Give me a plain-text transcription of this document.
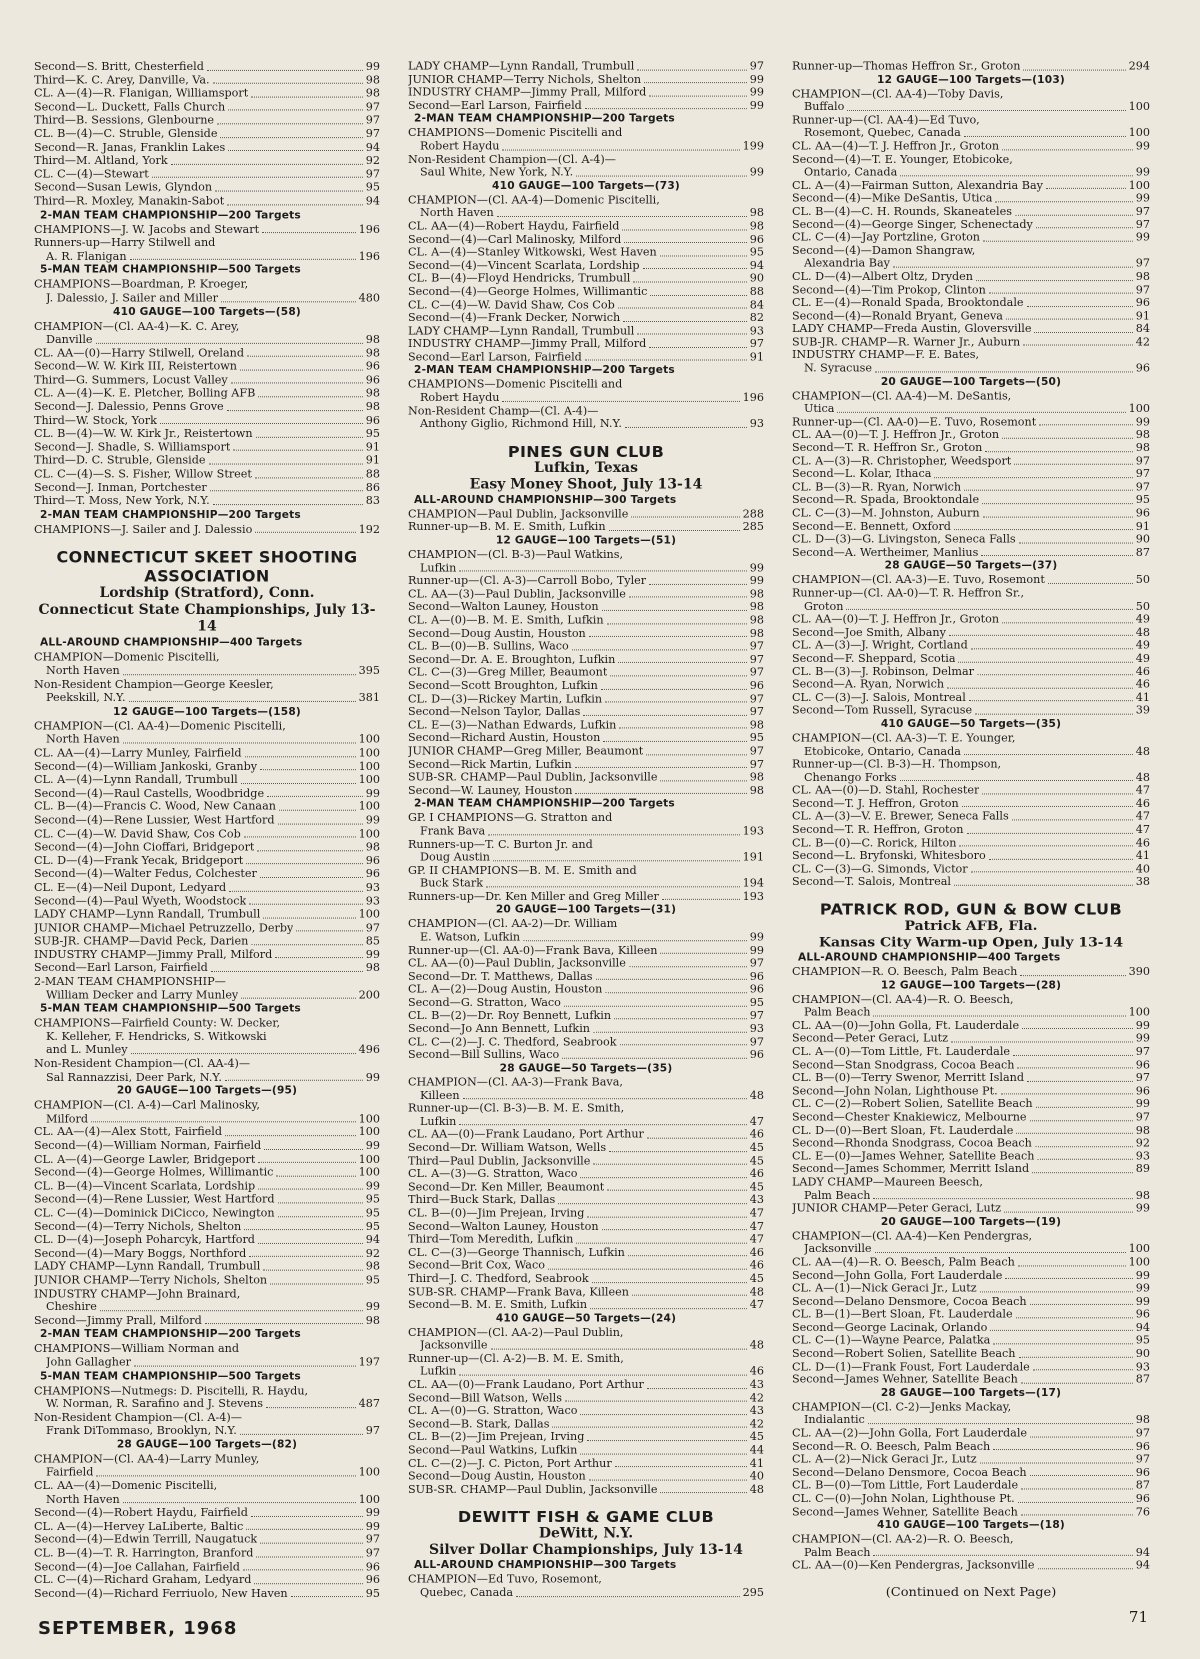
Second—S. Britt, Chesterfield	99
Third—K. C. Arey, Danville, Va.	98
CL. A—(4)—R. Flanigan, Williamsport	98
Second—L. Duckett, Falls Church	97
Third—B. Sessions, Glenbourne	97
CL. B—(4)—C. Struble, Glenside	97
Second—R. Janas, Franklin Lakes	94
Third—M. Altland, York	92
CL. C—(4)—Stewart	97
Second—Susan Lewis, Glyndon	95
Third—R. Moxley, Manakin-Sabot	94
2-MAN TEAM CHAMPIONSHIP—200 Targets
CHAMPIONS—J. W. Jacobs and Stewart	196
Runners-up—Harry Stilwell and
A. R. Flanigan	196
5-MAN TEAM CHAMPIONSHIP—500 Targets
CHAMPIONS—Boardman, P. Kroeger,
J. Dalessio, J. Sailer and Miller	480
410 GAUGE—100 Targets—(58)
CHAMPION—(Cl. AA-4)—K. C. Arey,
Danville	98
CL. AA—(0)—Harry Stilwell, Oreland	98
Second—W. W. Kirk III, Reistertown	96
Third—G. Summers, Locust Valley	96
CL. A—(4)—K. E. Pletcher, Bolling AFB	98
Second—J. Dalessio, Penns Grove	98
Third—W. Stock, York	96
CL. B—(4)—W. W. Kirk Jr., Reistertown	95
Second—J. Shadle, S. Williamsport	91
Third—D. C. Struble, Glenside	91
CL. C—(4)—S. S. Fisher, Willow Street	88
Second—J. Inman, Portchester	86
Third—T. Moss, New York, N.Y.	83
2-MAN TEAM CHAMPIONSHIP—200 Targets
CHAMPIONS—J. Sailer and J. Dalessio	192
CONNECTICUT SKEET SHOOTING ASSOCIATION
Lordship (Stratford), Conn.
Connecticut State Championships, July 13-14
ALL-AROUND CHAMPIONSHIP—400 Targets
CHAMPION—Domenic Piscitelli,
North Haven	395
Non-Resident Champion—George Keesler,
Peekskill, N.Y.	381
12 GAUGE—100 Targets—(158)
CHAMPION—(Cl. AA-4)—Domenic Piscitelli,
North Haven	100
CL. AA—(4)—Larry Munley, Fairfield	100
Second—(4)—William Jankoski, Granby	100
CL. A—(4)—Lynn Randall, Trumbull	100
Second—(4)—Raul Castells, Woodbridge	99
CL. B—(4)—Francis C. Wood, New Canaan	100
Second—(4)—Rene Lussier, West Hartford	99
CL. C—(4)—W. David Shaw, Cos Cob	100
Second—(4)—John Cioffari, Bridgeport	98
CL. D—(4)—Frank Yecak, Bridgeport	96
Second—(4)—Walter Fedus, Colchester	96
CL. E—(4)—Neil Dupont, Ledyard	93
Second—(4)—Paul Wyeth, Woodstock	93
LADY CHAMP—Lynn Randall, Trumbull	100
JUNIOR CHAMP—Michael Petruzzello, Derby	97
SUB-JR. CHAMP—David Peck, Darien	85
INDUSTRY CHAMP—Jimmy Prall, Milford	99
Second—Earl Larson, Fairfield	98
2-MAN TEAM CHAMPIONSHIP—
William Decker and Larry Munley	200
5-MAN TEAM CHAMPIONSHIP—500 Targets
CHAMPIONS—Fairfield County: W. Decker,
K. Kelleher, F. Hendricks, S. Witkowski
and L. Munley	496
Non-Resident Champion—(Cl. AA-4)—
Sal Rannazzisi, Deer Park, N.Y.	99
20 GAUGE—100 Targets—(95)
CHAMPION—(Cl. A-4)—Carl Malinosky,
Milford	100
CL. AA—(4)—Alex Stott, Fairfield	100
Second—(4)—William Norman, Fairfield	99
CL. A—(4)—George Lawler, Bridgeport	100
Second—(4)—George Holmes, Willimantic	100
CL. B—(4)—Vincent Scarlata, Lordship	99
Second—(4)—Rene Lussier, West Hartford	95
CL. C—(4)—Dominick DiCicco, Newington	95
Second—(4)—Terry Nichols, Shelton	95
CL. D—(4)—Joseph Poharcyk, Hartford	94
Second—(4)—Mary Boggs, Northford	92
LADY CHAMP—Lynn Randall, Trumbull	98
JUNIOR CHAMP—Terry Nichols, Shelton	95
INDUSTRY CHAMP—John Brainard,
Cheshire	99
Second—Jimmy Prall, Milford	98
2-MAN TEAM CHAMPIONSHIP—200 Targets
CHAMPIONS—William Norman and
John Gallagher	197
5-MAN TEAM CHAMPIONSHIP—500 Targets
CHAMPIONS—Nutmegs: D. Piscitelli, R. Haydu,
W. Norman, R. Sarafino and J. Stevens	487
Non-Resident Champion—(Cl. A-4)—
Frank DiTommaso, Brooklyn, N.Y.	97
28 GAUGE—100 Targets—(82)
CHAMPION—(Cl. AA-4)—Larry Munley,
Fairfield	100
CL. AA—(4)—Domenic Piscitelli,
North Haven	100
Second—(4)—Robert Haydu, Fairfield	99
CL. A—(4)—Hervey LaLiberte, Baltic	99
Second—(4)—Edwin Terrill, Naugatuck	97
CL. B—(4)—T. R. Harrington, Branford	97
Second—(4)—Joe Callahan, Fairfield	96
CL. C—(4)—Richard Graham, Ledyard	96
Second—(4)—Richard Ferriuolo, New Haven	95
LADY CHAMP—Lynn Randall, Trumbull	97
JUNIOR CHAMP—Terry Nichols, Shelton	99
INDUSTRY CHAMP—Jimmy Prall, Milford	99
Second—Earl Larson, Fairfield	99
2-MAN TEAM CHAMPIONSHIP—200 Targets
CHAMPIONS—Domenic Piscitelli and
Robert Haydu	199
Non-Resident Champion—(Cl. A-4)—
Saul White, New York, N.Y.	99
410 GAUGE—100 Targets—(73)
CHAMPION—(Cl. AA-4)—Domenic Piscitelli,
North Haven	98
CL. AA—(4)—Robert Haydu, Fairfield	98
Second—(4)—Carl Malinosky, Milford	96
CL. A—(4)—Stanley Witkowski, West Haven	95
Second—(4)—Vincent Scarlata, Lordship	94
CL. B—(4)—Floyd Hendricks, Trumbull	90
Second—(4)—George Holmes, Willimantic	88
CL. C—(4)—W. David Shaw, Cos Cob	84
Second—(4)—Frank Decker, Norwich	82
LADY CHAMP—Lynn Randall, Trumbull	93
INDUSTRY CHAMP—Jimmy Prall, Milford	97
Second—Earl Larson, Fairfield	91
2-MAN TEAM CHAMPIONSHIP—200 Targets
CHAMPIONS—Domenic Piscitelli and
Robert Haydu	196
Non-Resident Champ—(Cl. A-4)—
Anthony Giglio, Richmond Hill, N.Y.	93
PINES GUN CLUB
Lufkin, Texas
Easy Money Shoot, July 13-14
ALL-AROUND CHAMPIONSHIP—300 Targets
CHAMPION—Paul Dublin, Jacksonville	288
Runner-up—B. M. E. Smith, Lufkin	285
12 GAUGE—100 Targets—(51)
CHAMPION—(Cl. B-3)—Paul Watkins,
Lufkin	99
Runner-up—(Cl. A-3)—Carroll Bobo, Tyler	99
CL. AA—(3)—Paul Dublin, Jacksonville	98
Second—Walton Launey, Houston	98
CL. A—(0)—B. M. E. Smith, Lufkin	98
Second—Doug Austin, Houston	98
CL. B—(0)—B. Sullins, Waco	97
Second—Dr. A. E. Broughton, Lufkin	97
CL. C—(3)—Greg Miller, Beaumont	97
Second—Scott Broughton, Lufkin	96
CL. D—(3)—Rickey Martin, Lufkin	97
Second—Nelson Taylor, Dallas	97
CL. E—(3)—Nathan Edwards, Lufkin	98
Second—Richard Austin, Houston	95
JUNIOR CHAMP—Greg Miller, Beaumont	97
Second—Rick Martin, Lufkin	97
SUB-SR. CHAMP—Paul Dublin, Jacksonville	98
Second—W. Launey, Houston	98
2-MAN TEAM CHAMPIONSHIP—200 Targets
GP. I CHAMPIONS—G. Stratton and
Frank Bava	193
Runners-up—T. C. Burton Jr. and
Doug Austin	191
GP. II CHAMPIONS—B. M. E. Smith and
Buck Stark	194
Runners-up—Dr. Ken Miller and Greg Miller	193
20 GAUGE—100 Targets—(31)
CHAMPION—(Cl. AA-2)—Dr. William
E. Watson, Lufkin	99
Runner-up—(Cl. AA-0)—Frank Bava, Killeen	99
CL. AA—(0)—Paul Dublin, Jacksonville	97
Second—Dr. T. Matthews, Dallas	96
CL. A—(2)—Doug Austin, Houston	96
Second—G. Stratton, Waco	95
CL. B—(2)—Dr. Roy Bennett, Lufkin	97
Second—Jo Ann Bennett, Lufkin	93
CL. C—(2)—J. C. Thedford, Seabrook	97
Second—Bill Sullins, Waco	96
28 GAUGE—50 Targets—(35)
CHAMPION—(Cl. AA-3)—Frank Bava,
Killeen	48
Runner-up—(Cl. B-3)—B. M. E. Smith,
Lufkin	47
CL. AA—(0)—Frank Laudano, Port Arthur	46
Second—Dr. William Watson, Wells	45
Third—Paul Dublin, Jacksonville	45
CL. A—(3)—G. Stratton, Waco	46
Second—Dr. Ken Miller, Beaumont	45
Third—Buck Stark, Dallas	43
CL. B—(0)—Jim Prejean, Irving	47
Second—Walton Launey, Houston	47
Third—Tom Meredith, Lufkin	47
CL. C—(3)—George Thannisch, Lufkin	46
Second—Brit Cox, Waco	46
Third—J. C. Thedford, Seabrook	45
SUB-SR. CHAMP—Frank Bava, Killeen	48
Second—B. M. E. Smith, Lufkin	47
410 GAUGE—50 Targets—(24)
CHAMPION—(Cl. AA-2)—Paul Dublin,
Jacksonville	48
Runner-up—(Cl. A-2)—B. M. E. Smith,
Lufkin	46
CL. AA—(0)—Frank Laudano, Port Arthur	43
Second—Bill Watson, Wells	42
CL. A—(0)—G. Stratton, Waco	43
Second—B. Stark, Dallas	42
CL. B—(2)—Jim Prejean, Irving	45
Second—Paul Watkins, Lufkin	44
CL. C—(2)—J. C. Picton, Port Arthur	41
Second—Doug Austin, Houston	40
SUB-SR. CHAMP—Paul Dublin, Jacksonville	48
DEWITT FISH & GAME CLUB
DeWitt, N.Y.
Silver Dollar Championships, July 13-14
ALL-AROUND CHAMPIONSHIP—300 Targets
CHAMPION—Ed Tuvo, Rosemont,
Quebec, Canada	295
Runner-up—Thomas Heffron Sr., Groton	294
12 GAUGE—100 Targets—(103)
CHAMPION—(Cl. AA-4)—Toby Davis,
Buffalo	100
Runner-up—(Cl. AA-4)—Ed Tuvo,
Rosemont, Quebec, Canada	100
CL. AA—(4)—T. J. Heffron Jr., Groton	99
Second—(4)—T. E. Younger, Etobicoke,
Ontario, Canada	99
CL. A—(4)—Fairman Sutton, Alexandria Bay	100
Second—(4)—Mike DeSantis, Utica	99
CL. B—(4)—C. H. Rounds, Skaneateles	97
Second—(4)—George Singer, Schenectady	97
CL. C—(4)—Jay Portzline, Groton	99
Second—(4)—Damon Shangraw,
Alexandria Bay	97
CL. D—(4)—Albert Oltz, Dryden	98
Second—(4)—Tim Prokop, Clinton	97
CL. E—(4)—Ronald Spada, Brooktondale	96
Second—(4)—Ronald Bryant, Geneva	91
LADY CHAMP—Freda Austin, Gloversville	84
SUB-JR. CHAMP—R. Warner Jr., Auburn	42
INDUSTRY CHAMP—F. E. Bates,
N. Syracuse	96
20 GAUGE—100 Targets—(50)
CHAMPION—(Cl. AA-4)—M. DeSantis,
Utica	100
Runner-up—(Cl. AA-0)—E. Tuvo, Rosemont	99
CL. AA—(0)—T. J. Heffron Jr., Groton	98
Second—T. R. Heffron Sr., Groton	98
CL. A—(3)—R. Christopher, Weedsport	97
Second—L. Kolar, Ithaca	97
CL. B—(3)—R. Ryan, Norwich	97
Second—R. Spada, Brooktondale	95
CL. C—(3)—M. Johnston, Auburn	96
Second—E. Bennett, Oxford	91
CL. D—(3)—G. Livingston, Seneca Falls	90
Second—A. Wertheimer, Manlius	87
28 GAUGE—50 Targets—(37)
CHAMPION—(Cl. AA-3)—E. Tuvo, Rosemont	50
Runner-up—(Cl. AA-0)—T. R. Heffron Sr.,
Groton	50
CL. AA—(0)—T. J. Heffron Jr., Groton	49
Second—Joe Smith, Albany	48
CL. A—(3)—J. Wright, Cortland	49
Second—F. Sheppard, Scotia	49
CL. B—(3)—J. Robinson, Delmar	46
Second—A. Ryan, Norwich	46
CL. C—(3)—J. Salois, Montreal	41
Second—Tom Russell, Syracuse	39
410 GAUGE—50 Targets—(35)
CHAMPION—(Cl. AA-3)—T. E. Younger,
Etobicoke, Ontario, Canada	48
Runner-up—(Cl. B-3)—H. Thompson,
Chenango Forks	48
CL. AA—(0)—D. Stahl, Rochester	47
Second—T. J. Heffron, Groton	46
CL. A—(3)—V. E. Brewer, Seneca Falls	47
Second—T. R. Heffron, Groton	47
CL. B—(0)—C. Rorick, Hilton	46
Second—L. Bryfonski, Whitesboro	41
CL. C—(3)—G. Simonds, Victor	40
Second—T. Salois, Montreal	38
PATRICK ROD, GUN & BOW CLUB
Patrick AFB, Fla.
Kansas City Warm-up Open, July 13-14
ALL-AROUND CHAMPIONSHIP—400 Targets
CHAMPION—R. O. Beesch, Palm Beach	390
12 GAUGE—100 Targets—(28)
CHAMPION—(Cl. AA-4)—R. O. Beesch,
Palm Beach	100
CL. AA—(0)—John Golla, Ft. Lauderdale	99
Second—Peter Geraci, Lutz	99
CL. A—(0)—Tom Little, Ft. Lauderdale	97
Second—Stan Snodgrass, Cocoa Beach	96
CL. B—(0)—Terry Swenor, Merritt Island	97
Second—John Nolan, Lighthouse Pt.	96
CL. C—(2)—Robert Solien, Satellite Beach	99
Second—Chester Knakiewicz, Melbourne	97
CL. D—(0)—Bert Sloan, Ft. Lauderdale	98
Second—Rhonda Snodgrass, Cocoa Beach	92
CL. E—(0)—James Wehner, Satellite Beach	93
Second—James Schommer, Merritt Island	89
LADY CHAMP—Maureen Beesch,
Palm Beach	98
JUNIOR CHAMP—Peter Geraci, Lutz	99
20 GAUGE—100 Targets—(19)
CHAMPION—(Cl. AA-4)—Ken Pendergras,
Jacksonville	100
CL. AA—(4)—R. O. Beesch, Palm Beach	100
Second—John Golla, Fort Lauderdale	99
CL. A—(1)—Nick Geraci Jr., Lutz	99
Second—Delano Densmore, Cocoa Beach	99
CL. B—(1)—Bert Sloan, Ft. Lauderdale	96
Second—George Lacinak, Orlando	94
CL. C—(1)—Wayne Pearce, Palatka	95
Second—Robert Solien, Satellite Beach	90
CL. D—(1)—Frank Foust, Fort Lauderdale	93
Second—James Wehner, Satellite Beach	87
28 GAUGE—100 Targets—(17)
CHAMPION—(Cl. C-2)—Jenks Mackay,
Indialantic	98
CL. AA—(2)—John Golla, Fort Lauderdale	97
Second—R. O. Beesch, Palm Beach	96
CL. A—(2)—Nick Geraci Jr., Lutz	97
Second—Delano Densmore, Cocoa Beach	96
CL. B—(0)—Tom Little, Fort Lauderdale	87
CL. C—(0)—John Nolan, Lighthouse Pt.	96
Second—James Wehner, Satellite Beach	76
410 GAUGE—100 Targets—(18)
CHAMPION—(Cl. AA-2)—R. O. Beesch,
Palm Beach	94
CL. AA—(0)—Ken Pendergras, Jacksonville	94
(Continued on Next Page)
SEPTEMBER, 1968
71
